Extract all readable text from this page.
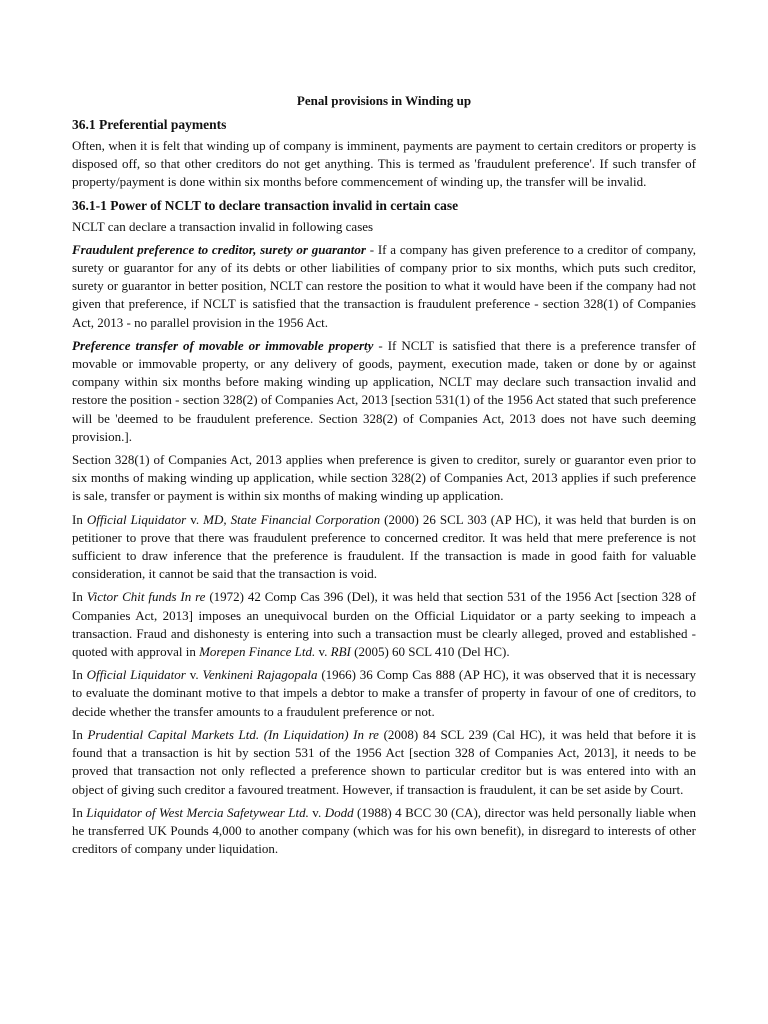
Penal provisions in Winding up
36.1 Preferential payments

Often, when it is felt that winding up of company is imminent, payments are payment to certain creditors or property is disposed off, so that other creditors do not get anything. This is termed as 'fraudulent preference'. If such transfer of property/payment is done within six months before commencement of winding up, the transfer will be invalid.

36.1-1 Power of NCLT to declare transaction invalid in certain case

NCLT can declare a transaction invalid in following cases

Fraudulent preference to creditor, surety or guarantor - If a company has given preference to a creditor of company, surety or guarantor for any of its debts or other liabilities of company prior to six months, which puts such creditor, surety or guarantor in better position, NCLT can restore the position to what it would have been if the company had not given that preference, if NCLT is satisfied that the transaction is fraudulent preference - section 328(1) of Companies Act, 2013 - no parallel provision in the 1956 Act.

Preference transfer of movable or immovable property - If NCLT is satisfied that there is a preference transfer of movable or immovable property, or any delivery of goods, payment, execution made, taken or done by or against company within six months before making winding up application, NCLT may declare such transaction invalid and restore the position - section 328(2) of Companies Act, 2013 [section 531(1) of the 1956 Act stated that such preference will be 'deemed to be fraudulent preference. Section 328(2) of Companies Act, 2013 does not have such deeming provision.].

Section 328(1) of Companies Act, 2013 applies when preference is given to creditor, surely or guarantor even prior to six months of making winding up application, while section 328(2) of Companies Act, 2013 applies if such preference is sale, transfer or payment is within six months of making winding up application.

In Official Liquidator v. MD, State Financial Corporation (2000) 26 SCL 303 (AP HC), it was held that burden is on petitioner to prove that there was fraudulent preference to concerned creditor. It was held that mere preference is not sufficient to draw inference that the preference is fraudulent. If the transaction is made in good faith for valuable consideration, it cannot be said that the transaction is void.

In Victor Chit funds In re (1972) 42 Comp Cas 396 (Del), it was held that section 531 of the 1956 Act [section 328 of Companies Act, 2013] imposes an unequivocal burden on the Official Liquidator or a party seeking to impeach a transaction. Fraud and dishonesty is entering into such a transaction must be clearly alleged, proved and established - quoted with approval in Morepen Finance Ltd. v. RBI (2005) 60 SCL 410 (Del HC).

In Official Liquidator v. Venkineni Rajagopala (1966) 36 Comp Cas 888 (AP HC), it was observed that it is necessary to evaluate the dominant motive to that impels a debtor to make a transfer of property in favour of one of creditors, to decide whether the transfer amounts to a fraudulent preference or not.

In Prudential Capital Markets Ltd. (In Liquidation) In re (2008) 84 SCL 239 (Cal HC), it was held that before it is found that a transaction is hit by section 531 of the 1956 Act [section 328 of Companies Act, 2013], it needs to be proved that transaction not only reflected a preference shown to particular creditor but is was entered into with an object of giving such creditor a favoured treatment. However, if transaction is fraudulent, it can be set aside by Court.

In Liquidator of West Mercia Safetywear Ltd. v. Dodd (1988) 4 BCC 30 (CA), director was held personally liable when he transferred UK Pounds 4,000 to another company (which was for his own benefit), in disregard to interests of other creditors of company under liquidation.
